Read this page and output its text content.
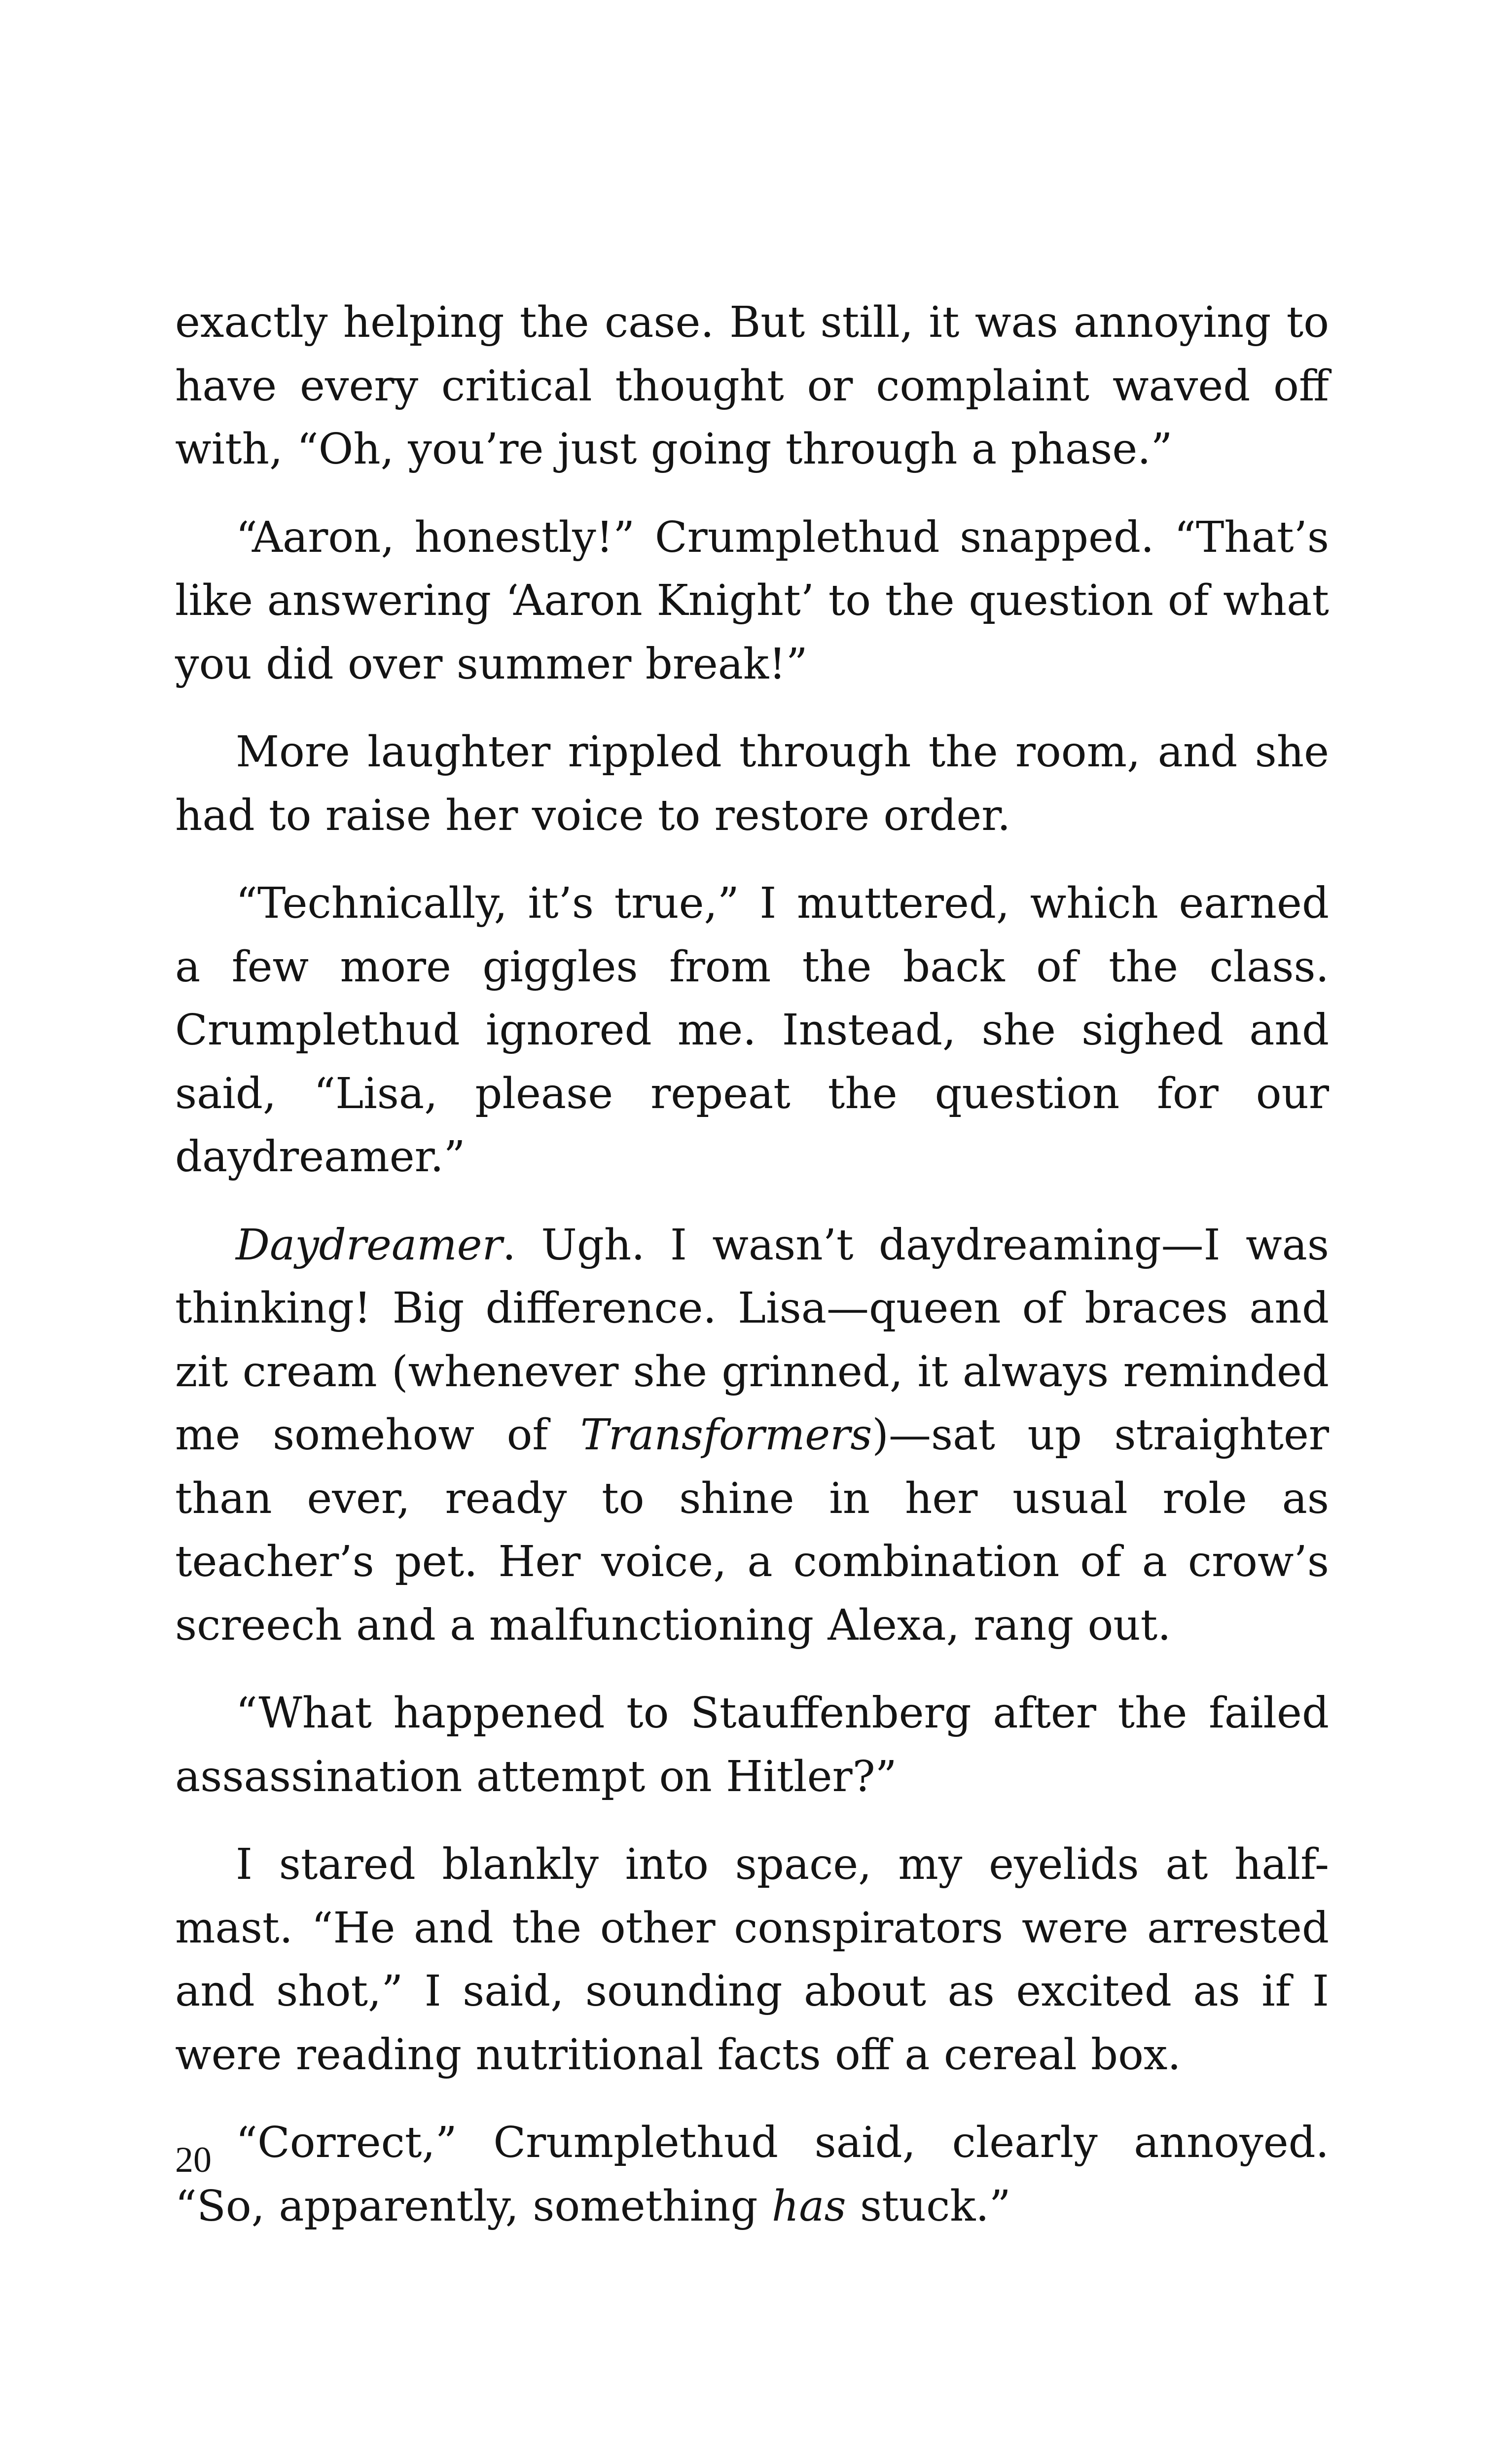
exactly helping the case. But still, it was annoying to have every critical thought or complaint waved off with, “Oh, you’re just going through a phase.”

“Aaron, honestly!” Crumplethud snapped. “That’s like answering ‘Aaron Knight’ to the question of what you did over summer break!”

More laughter rippled through the room, and she had to raise her voice to restore order.

“Technically, it’s true,” I muttered, which earned a few more giggles from the back of the class. Crumplethud ignored me. Instead, she sighed and said, “Lisa, please repeat the question for our daydreamer.”

Daydreamer. Ugh. I wasn’t daydreaming—I was thinking! Big difference. Lisa—queen of braces and zit cream (whenever she grinned, it always reminded me somehow of Transformers)—sat up straighter than ever, ready to shine in her usual role as teacher’s pet. Her voice, a combination of a crow’s screech and a malfunctioning Alexa, rang out.

“What happened to Stauffenberg after the failed assassination attempt on Hitler?”

I stared blankly into space, my eyelids at half-mast. “He and the other conspirators were arrested and shot,” I said, sounding about as excited as if I were reading nutritional facts off a cereal box.

“Correct,” Crumplethud said, clearly annoyed. “So, apparently, something has stuck.”

20
